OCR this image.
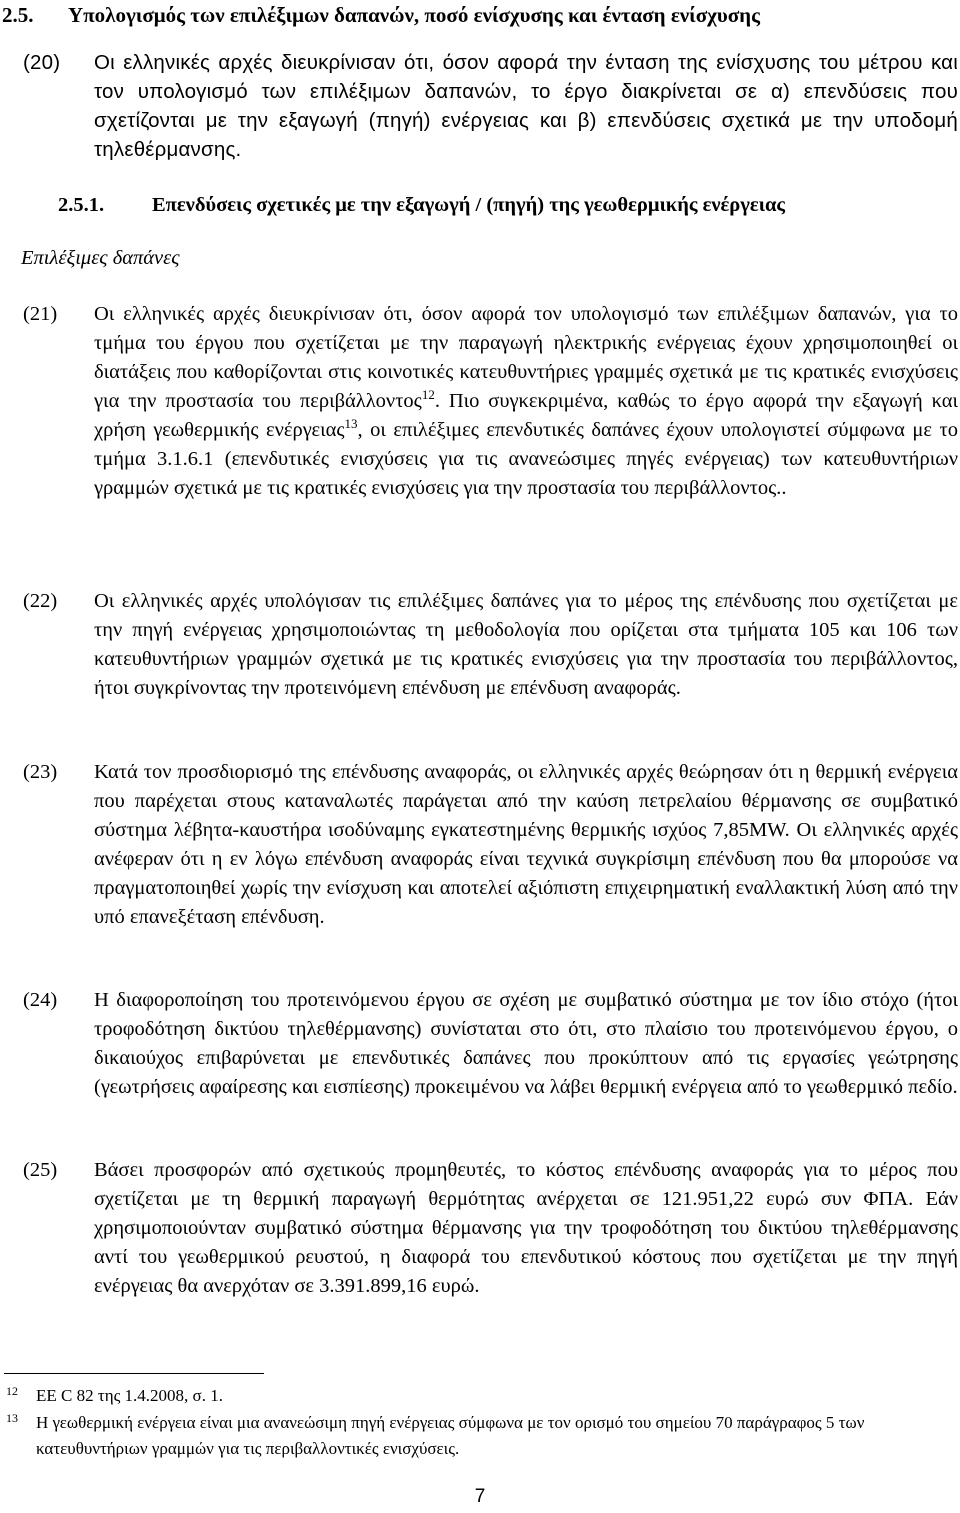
2.5. Υπολογισμός των επιλέξιμων δαπανών, ποσό ενίσχυσης και ένταση ενίσχυσης
(20) Οι ελληνικές αρχές διευκρίνισαν ότι, όσον αφορά την ένταση της ενίσχυσης του μέτρου και τον υπολογισμό των επιλέξιμων δαπανών, το έργο διακρίνεται σε α) επενδύσεις που σχετίζονται με την εξαγωγή (πηγή) ενέργειας και β) επενδύσεις σχετικά με την υποδομή τηλεθέρμανσης.
2.5.1. Επενδύσεις σχετικές με την εξαγωγή / (πηγή) της γεωθερμικής ενέργειας
Επιλέξιμες δαπάνες
(21) Οι ελληνικές αρχές διευκρίνισαν ότι, όσον αφορά τον υπολογισμό των επιλέξιμων δαπανών, για το τμήμα του έργου που σχετίζεται με την παραγωγή ηλεκτρικής ενέργειας έχουν χρησιμοποιηθεί οι διατάξεις που καθορίζονται στις κοινοτικές κατευθυντήριες γραμμές σχετικά με τις κρατικές ενισχύσεις για την προστασία του περιβάλλοντος$^{12}$. Πιο συγκεκριμένα, καθώς το έργο αφορά την εξαγωγή και χρήση γεωθερμικής ενέργειας$^{13}$, οι επιλέξιμες επενδυτικές δαπάνες έχουν υπολογιστεί σύμφωνα με το τμήμα 3.1.6.1 (επενδυτικές ενισχύσεις για τις ανανεώσιμες πηγές ενέργειας) των κατευθυντήριων γραμμών σχετικά με τις κρατικές ενισχύσεις για την προστασία του περιβάλλοντος..
(22) Οι ελληνικές αρχές υπολόγισαν τις επιλέξιμες δαπάνες για το μέρος της επένδυσης που σχετίζεται με την πηγή ενέργειας χρησιμοποιώντας τη μεθοδολογία που ορίζεται στα τμήματα 105 και 106 των κατευθυντήριων γραμμών σχετικά με τις κρατικές ενισχύσεις για την προστασία του περιβάλλοντος, ήτοι συγκρίνοντας την προτεινόμενη επένδυση με επένδυση αναφοράς.
(23) Κατά τον προσδιορισμό της επένδυσης αναφοράς, οι ελληνικές αρχές θεώρησαν ότι η θερμική ενέργεια που παρέχεται στους καταναλωτές παράγεται από την καύση πετρελαίου θέρμανσης σε συμβατικό σύστημα λέβητα-καυστήρα ισοδύναμης εγκατεστημένης θερμικής ισχύος 7,85MW. Οι ελληνικές αρχές ανέφεραν ότι η εν λόγω επένδυση αναφοράς είναι τεχνικά συγκρίσιμη επένδυση που θα μπορούσε να πραγματοποιηθεί χωρίς την ενίσχυση και αποτελεί αξιόπιστη επιχειρηματική εναλλακτική λύση από την υπό επανεξέταση επένδυση.
(24) Η διαφοροποίηση του προτεινόμενου έργου σε σχέση με συμβατικό σύστημα με τον ίδιο στόχο (ήτοι τροφοδότηση δικτύου τηλεθέρμανσης) συνίσταται στο ότι, στο πλαίσιο του προτεινόμενου έργου, ο δικαιούχος επιβαρύνεται με επενδυτικές δαπάνες που προκύπτουν από τις εργασίες γεώτρησης (γεωτρήσεις αφαίρεσης και εισπίεσης) προκειμένου να λάβει θερμική ενέργεια από το γεωθερμικό πεδίο.
(25) Βάσει προσφορών από σχετικούς προμηθευτές, το κόστος επένδυσης αναφοράς για το μέρος που σχετίζεται με τη θερμική παραγωγή θερμότητας ανέρχεται σε 121.951,22 ευρώ συν ΦΠΑ. Εάν χρησιμοποιούνταν συμβατικό σύστημα θέρμανσης για την τροφοδότηση του δικτύου τηλεθέρμανσης αντί του γεωθερμικού ρευστού, η διαφορά του επενδυτικού κόστους που σχετίζεται με την πηγή ενέργειας θα ανερχόταν σε 3.391.899,16 ευρώ.
12 ΕΕ C 82 της 1.4.2008, σ. 1.
13 Η γεωθερμική ενέργεια είναι μια ανανεώσιμη πηγή ενέργειας σύμφωνα με τον ορισμό του σημείου 70 παράγραφος 5 των κατευθυντήριων γραμμών για τις περιβαλλοντικές ενισχύσεις.
7
